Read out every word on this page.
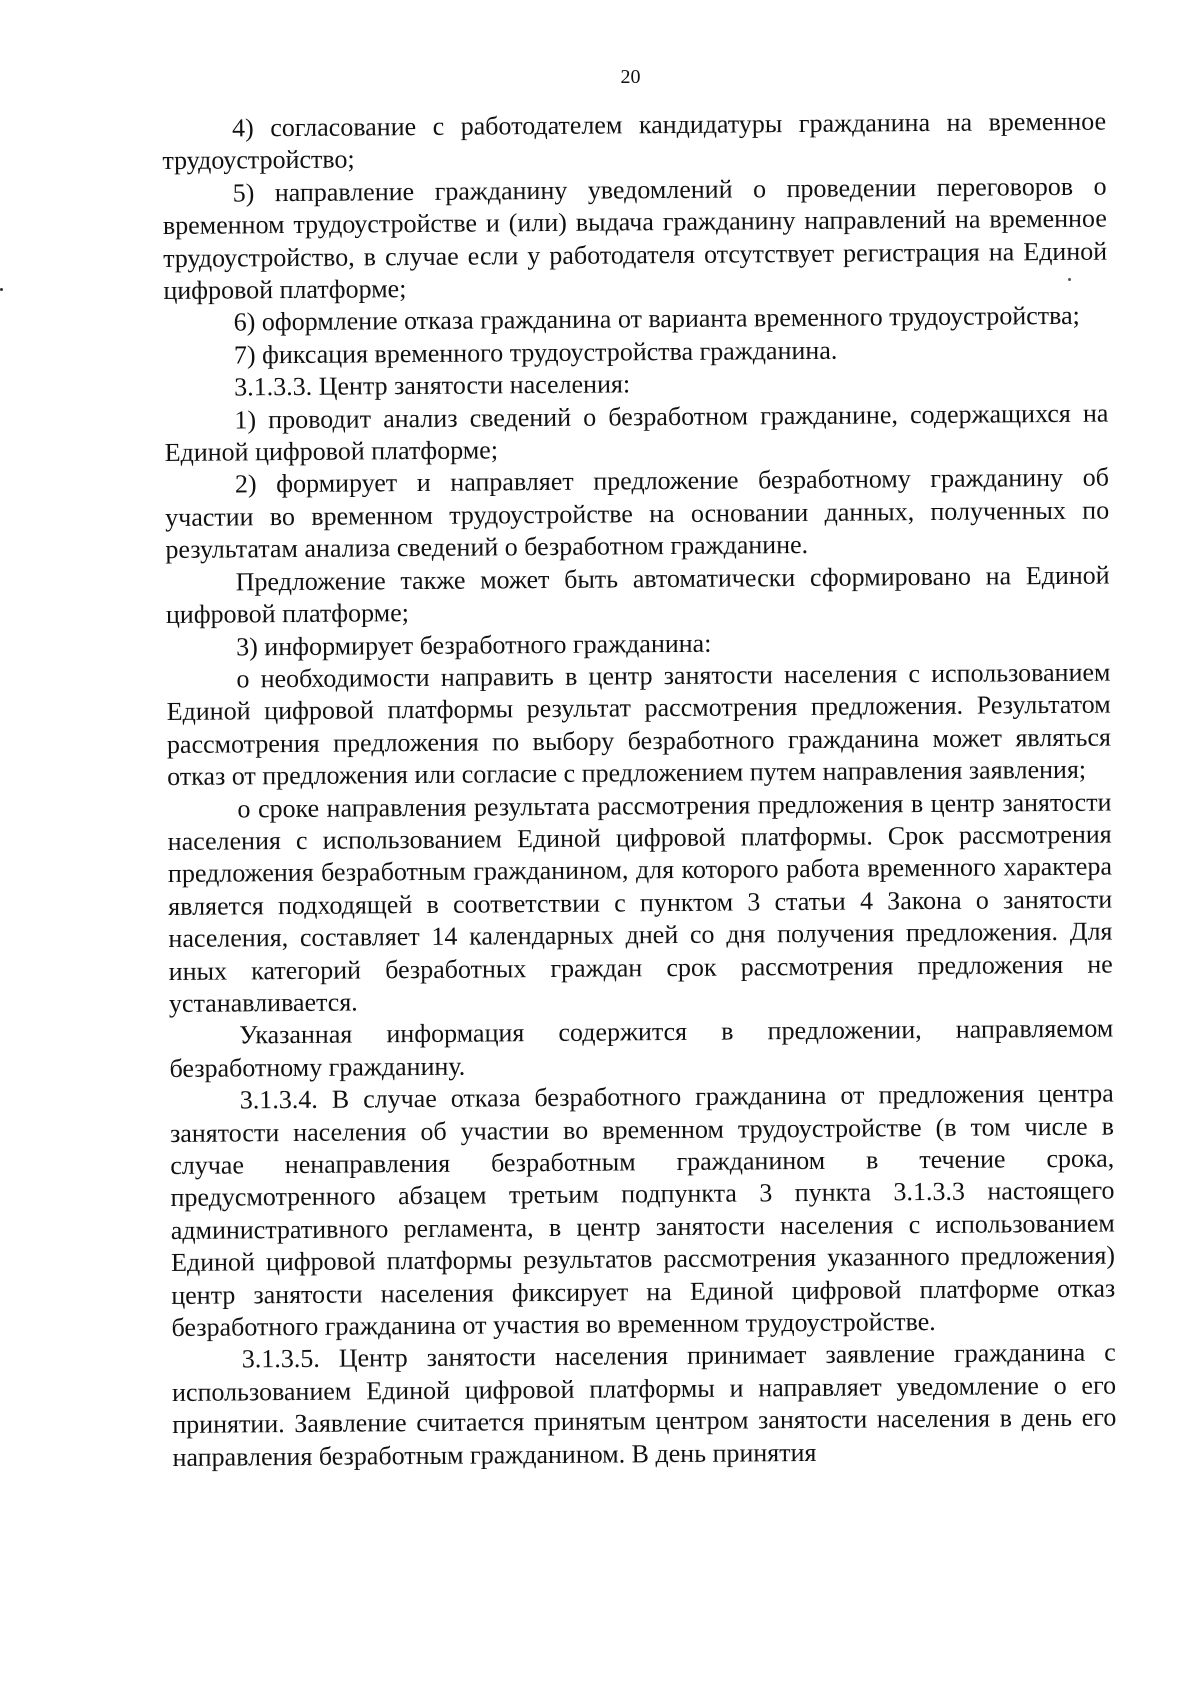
20

4) согласование с работодателем кандидатуры гражданина на временное трудоустройство;

5) направление гражданину уведомлений о проведении переговоров о временном трудоустройстве и (или) выдача гражданину направлений на временное трудоустройство, в случае если у работодателя отсутствует регистрация на Единой цифровой платформе;

6) оформление отказа гражданина от варианта временного трудоустройства;

7) фиксация временного трудоустройства гражданина.

3.1.3.3. Центр занятости населения:

1) проводит анализ сведений о безработном гражданине, содержащихся на Единой цифровой платформе;

2) формирует и направляет предложение безработному гражданину об участии во временном трудоустройстве на основании данных, полученных по результатам анализа сведений о безработном гражданине.

Предложение также может быть автоматически сформировано на Единой цифровой платформе;

3) информирует безработного гражданина:

о необходимости направить в центр занятости населения с использованием Единой цифровой платформы результат рассмотрения предложения. Результатом рассмотрения предложения по выбору безработного гражданина может являться отказ от предложения или согласие с предложением путем направления заявления;

о сроке направления результата рассмотрения предложения в центр занятости населения с использованием Единой цифровой платформы. Срок рассмотрения предложения безработным гражданином, для которого работа временного характера является подходящей в соответствии с пунктом 3 статьи 4 Закона о занятости населения, составляет 14 календарных дней со дня получения предложения. Для иных категорий безработных граждан срок рассмотрения предложения не устанавливается.

Указанная информация содержится в предложении, направляемом безработному гражданину.

3.1.3.4. В случае отказа безработного гражданина от предложения центра занятости населения об участии во временном трудоустройстве (в том числе в случае ненаправления безработным гражданином в течение срока, предусмотренного абзацем третьим подпункта 3 пункта 3.1.3.3 настоящего административного регламента, в центр занятости населения с использованием Единой цифровой платформы результатов рассмотрения указанного предложения) центр занятости населения фиксирует на Единой цифровой платформе отказ безработного гражданина от участия во временном трудоустройстве.

3.1.3.5. Центр занятости населения принимает заявление гражданина с использованием Единой цифровой платформы и направляет уведомление о его принятии. Заявление считается принятым центром занятости населения в день его направления безработным гражданином. В день принятия
